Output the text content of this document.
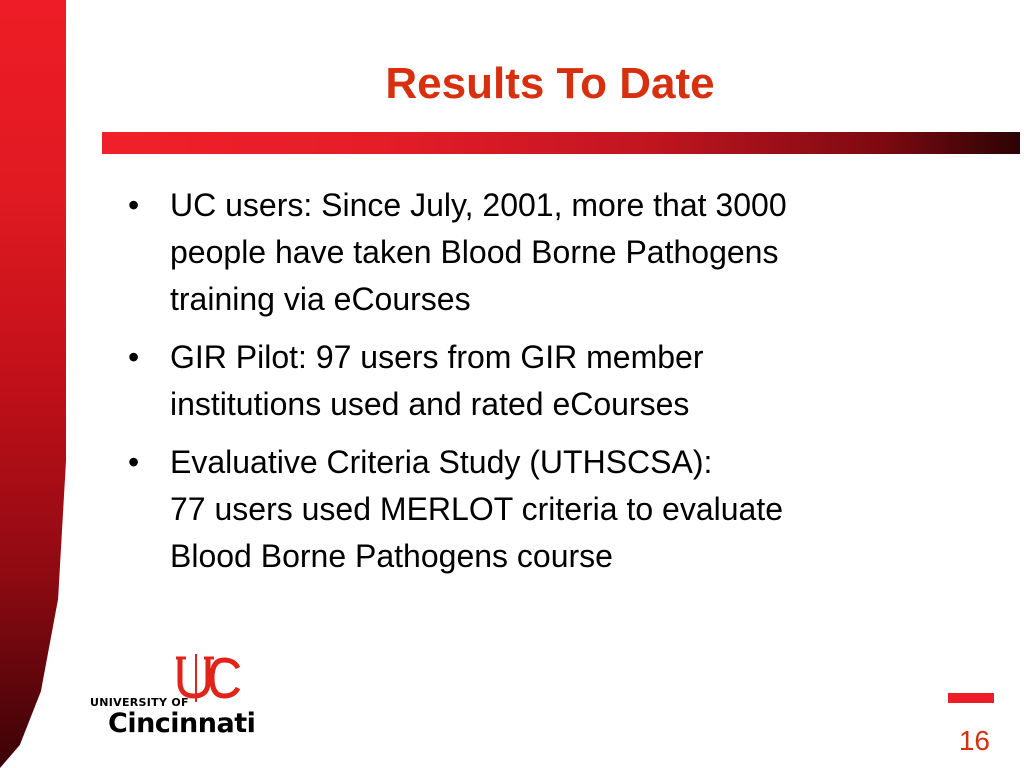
Results To Date
• UC users: Since July, 2001, more that 3000
people have taken Blood Borne Pathogens
training via eCourses
• GIR Pilot: 97 users from GIR member
institutions used and rated eCourses
• Evaluative Criteria Study (UTHSCSA):
77 users used MERLOT criteria to evaluate
Blood Borne Pathogens course
UNIVERSITY OF
Cincinnati
16
